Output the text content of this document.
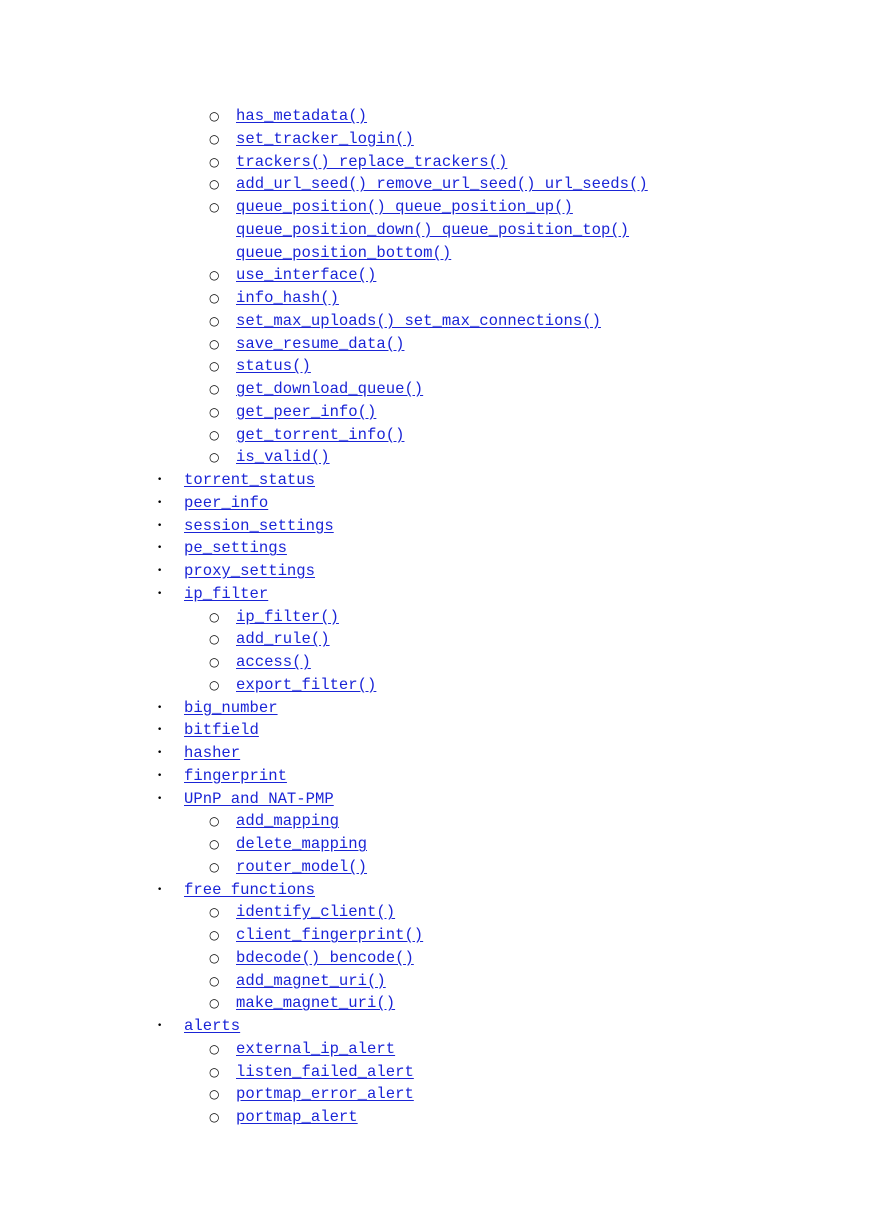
○ has_metadata()
○ set_tracker_login()
○ trackers() replace_trackers()
○ add_url_seed() remove_url_seed() url_seeds()
○ queue_position() queue_position_up() queue_position_down() queue_position_top() queue_position_bottom()
○ use_interface()
○ info_hash()
○ set_max_uploads() set_max_connections()
○ save_resume_data()
○ status()
○ get_download_queue()
○ get_peer_info()
○ get_torrent_info()
○ is_valid()
• torrent_status
• peer_info
• session_settings
• pe_settings
• proxy_settings
• ip_filter
○ ip_filter()
○ add_rule()
○ access()
○ export_filter()
• big_number
• bitfield
• hasher
• fingerprint
• UPnP and NAT-PMP
○ add_mapping
○ delete_mapping
○ router_model()
• free functions
○ identify_client()
○ client_fingerprint()
○ bdecode() bencode()
○ add_magnet_uri()
○ make_magnet_uri()
• alerts
○ external_ip_alert
○ listen_failed_alert
○ portmap_error_alert
○ portmap_alert
